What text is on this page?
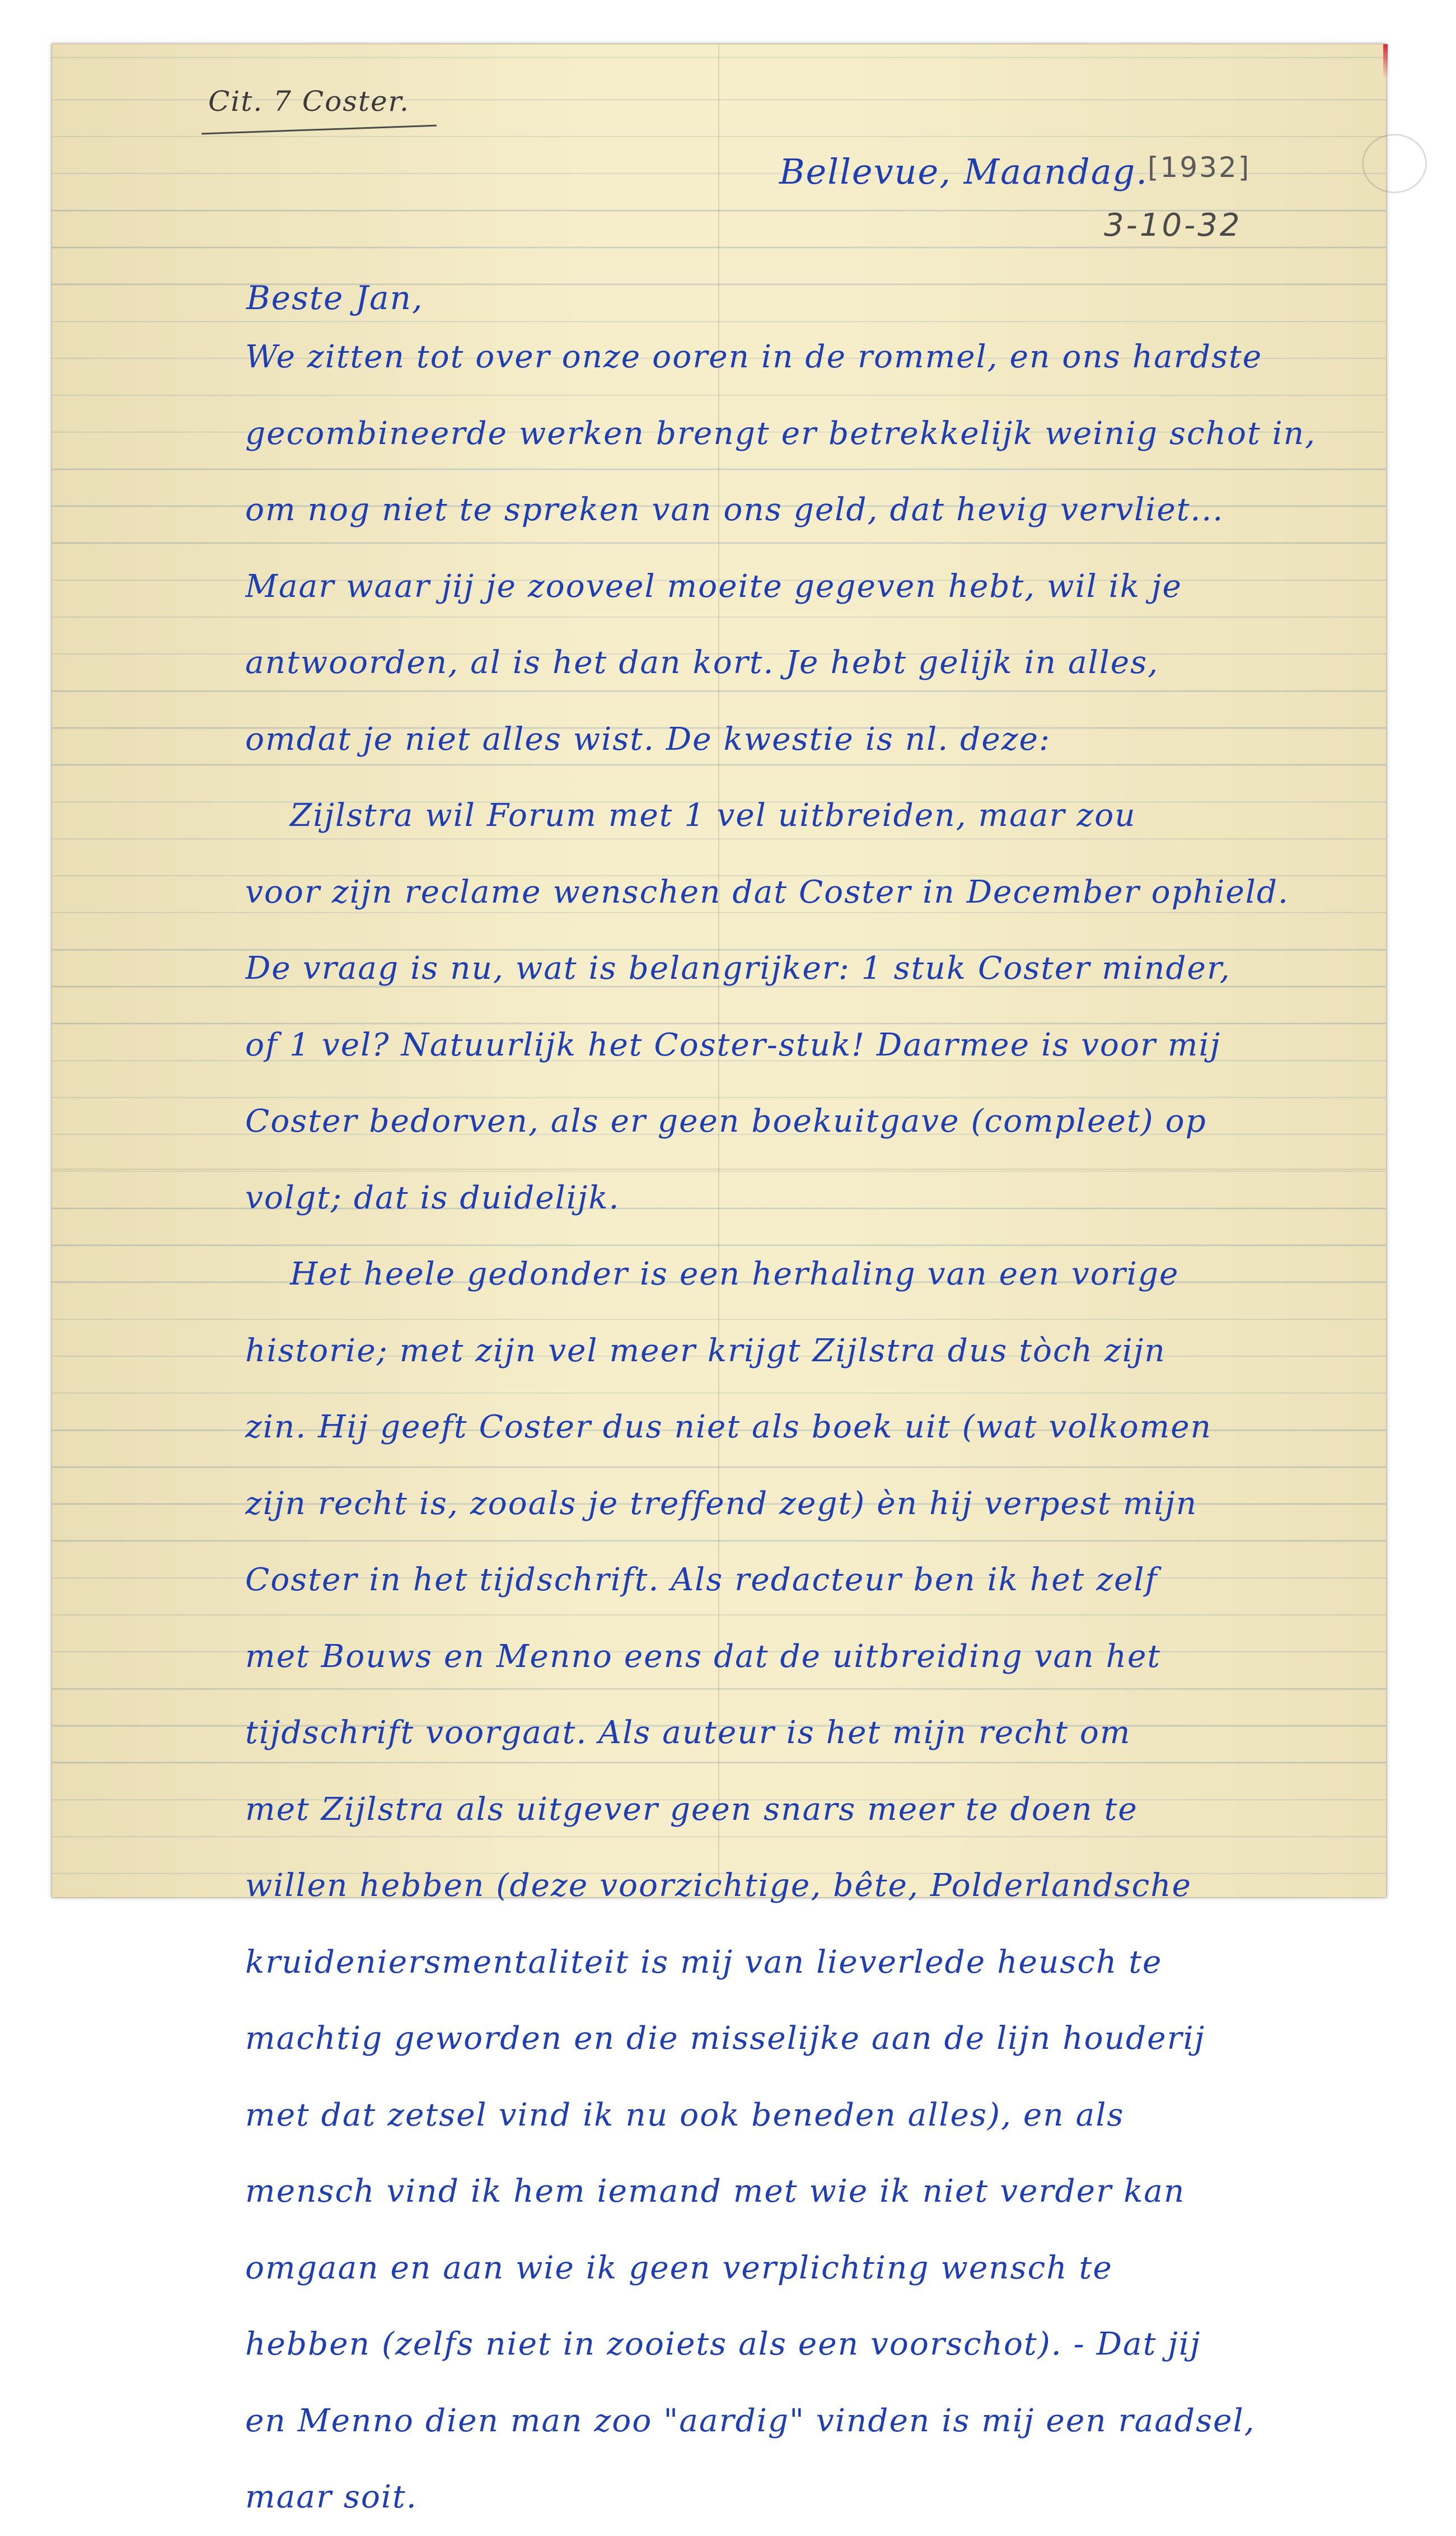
Cit. 7 Coster.
Bellevue, Maandag.
[1932]
3-10-32
Beste Jan,
We zitten tot over onze ooren in de rommel, en ons hardste
gecombineerde werken brengt er betrekkelijk weinig schot in,
om nog niet te spreken van ons geld, dat hevig vervliet...
Maar waar jij je zooveel moeite gegeven hebt, wil ik je
antwoorden, al is het dan kort. Je hebt gelijk in alles,
omdat je niet alles wist. De kwestie is nl. deze:
Zijlstra wil Forum met 1 vel uitbreiden, maar zou
voor zijn reclame wenschen dat Coster in December ophield.
De vraag is nu, wat is belangrijker: 1 stuk Coster minder,
of 1 vel? Natuurlijk het Coster-stuk! Daarmee is voor mij
Coster bedorven, als er geen boekuitgave (compleet) op
volgt; dat is duidelijk.
Het heele gedonder is een herhaling van een vorige
historie; met zijn vel meer krijgt Zijlstra dus tòch zijn
zin. Hij geeft Coster dus niet als boek uit (wat volkomen
zijn recht is, zooals je treffend zegt) èn hij verpest mijn
Coster in het tijdschrift. Als redacteur ben ik het zelf
met Bouws en Menno eens dat de uitbreiding van het
tijdschrift voorgaat. Als auteur is het mijn recht om
met Zijlstra als uitgever geen snars meer te doen te
willen hebben (deze voorzichtige, bête, Polderlandsche
kruideniersmentaliteit is mij van lieverlede heusch te
machtig geworden en die misselijke aan de lijn houderij
met dat zetsel vind ik nu ook beneden alles), en als
mensch vind ik hem iemand met wie ik niet verder kan
omgaan en aan wie ik geen verplichting wensch te
hebben (zelfs niet in zooiets als een voorschot). - Dat jij
en Menno dien man zoo "aardig" vinden is mij een raadsel,
maar soit.
